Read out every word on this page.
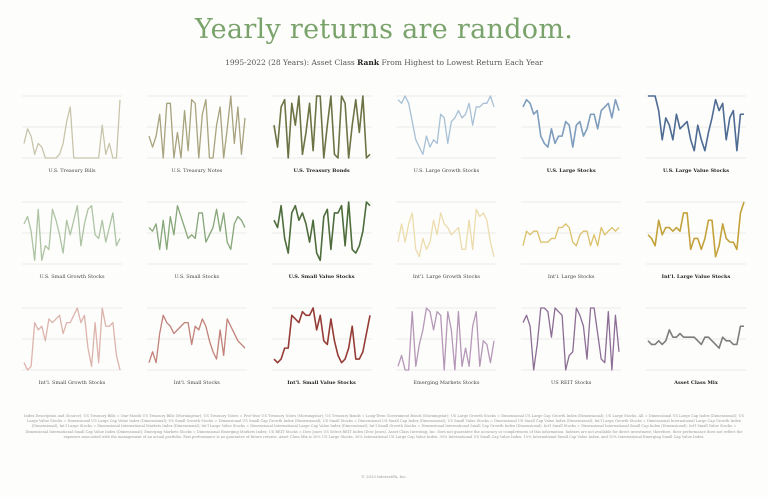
Yearly returns are random.
1995-2022 (28 Years): Asset Class Rank From Highest to Lowest Return Each Year
U.S. Treasury Bills	U.S. Treasury Notes	U.S. Treasury Bonds	U.S. Large Growth Stocks	U.S. Large Stocks	U.S. Large Value Stocks
U.S. Small Growth Stocks	U.S. Small Stocks	U.S. Small Value Stocks	Int'l. Large Growth Stocks	Int'l. Large Stocks	Int'l. Large Value Stocks
Int'l. Small Growth Stocks	Int'l. Small Stocks	Int'l. Small Value Stocks	Emerging Markets Stocks	US REIT Stocks	Asset Class Mix
Index Description and (Source): US Treasury Bills = One-Month US Treasury Bills (Morningstar); US Treasury Notes = Five-Year US Treasury Notes (Morningstar); US Treasury Bonds = Long-Term Government Bonds (Morningstar); US Large Growth Stocks = Dimensional US Large Cap Growth Index (Dimensional); US Large Stocks, All = Dimensional US Large Cap Index (Dimensional); US Large Value Stocks = Dimensional US Large Cap Value Index (Dimensional); US Small Growth Stocks = Dimensional US Small Cap Growth Index (Dimensional); US Small Stocks = Dimensional US Small Cap Index (Dimensional); US Small Value Stocks = Dimensional US Small Cap Value Index (Dimensional); Int'l Large Growth Stocks = Dimensional International Large Cap Growth Index (Dimensional); Int'l Large Stocks = Dimensional International Markets Index (Dimensional); Int'l Large Value Stocks = Dimensional International Large Cap Value Index (Dimensional); Int'l Small Growth Stocks = Dimensional International Small Cap Growth Index (Dimensional); Int'l Small Stocks = Dimensional International Small Cap Index (Dimensional); Int'l Small Value Stocks = Dimensional International Small Cap Value Index (Dimensional); Emerging Markets Stocks = Dimensional Emerging Markets Index; US REIT Stocks = Dow Jones US Select REIT Index (Dow Jones). Asset Class Investing, Inc. does not guarantee the accuracy or completeness of this information. Indexes are not available for direct investment; therefore, their performance does not reflect the expenses associated with the management of an actual portfolio. Past performance is no guarantee of future returns. Asset Class Mix is 30% US Large Stocks, 30% International US Large Cap Value Index, 30% International US Small Cap Value Index, 10% International Small Cap Value Index, and 10% International Emerging Small Cap Value Index.
© 2023 InterestPA, Inc.
